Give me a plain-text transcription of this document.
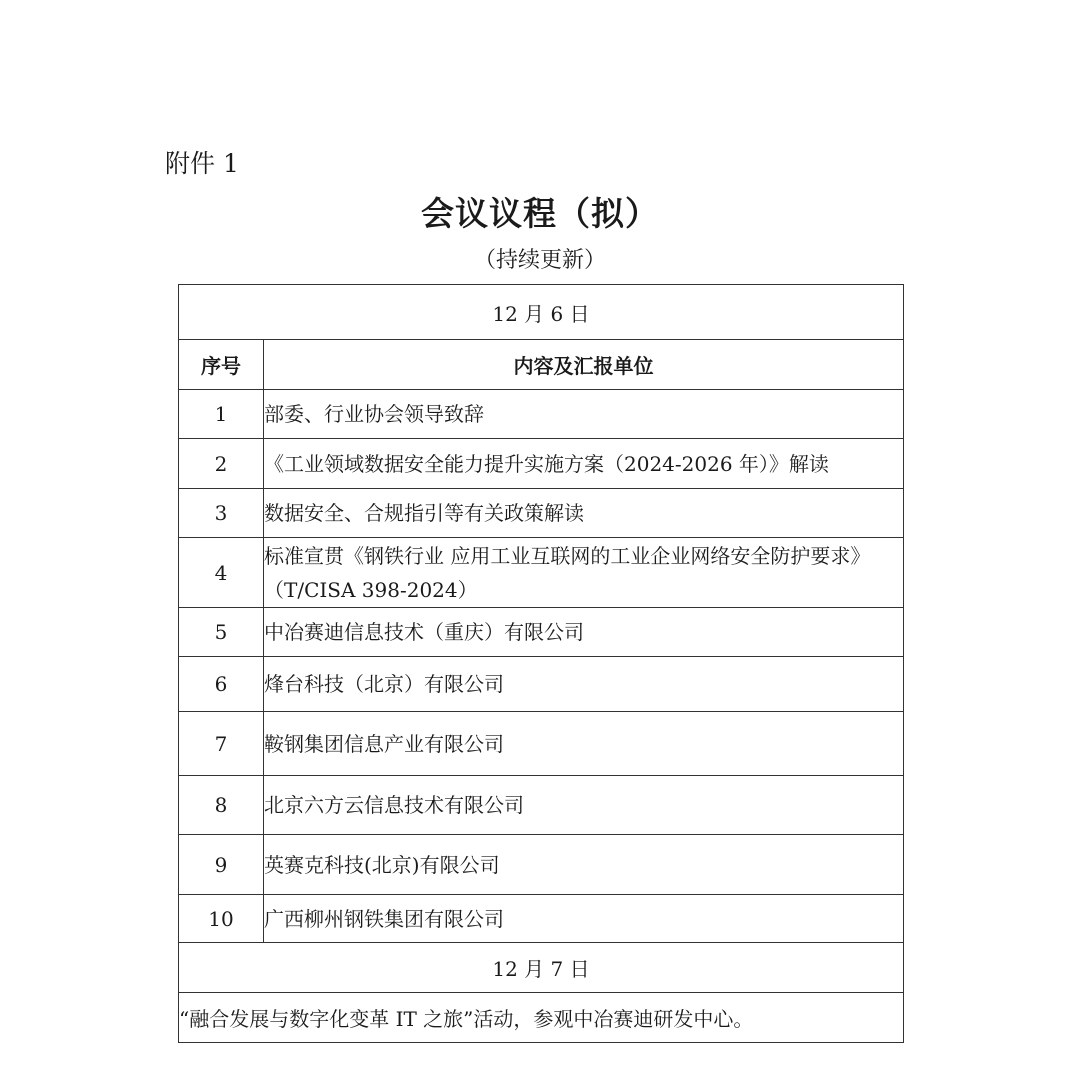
附件 1
会议议程（拟）
（持续更新）
12 月 6 日	
序号	内容及汇报单位
1	部委、行业协会领导致辞
2	《工业领域数据安全能力提升实施方案（2024-2026 年）》解读
3	数据安全、合规指引等有关政策解读
4	标准宣贯《钢铁行业 应用工业互联网的工业企业网络安全防护要求》（T/CISA 398-2024）
5	中冶赛迪信息技术（重庆）有限公司
6	烽台科技（北京）有限公司
7	鞍钢集团信息产业有限公司
8	北京六方云信息技术有限公司
9	英赛克科技(北京)有限公司
10	广西柳州钢铁集团有限公司
12 月 7 日	
“融合发展与数字化变革 IT 之旅”活动，参观中冶赛迪研发中心。	
